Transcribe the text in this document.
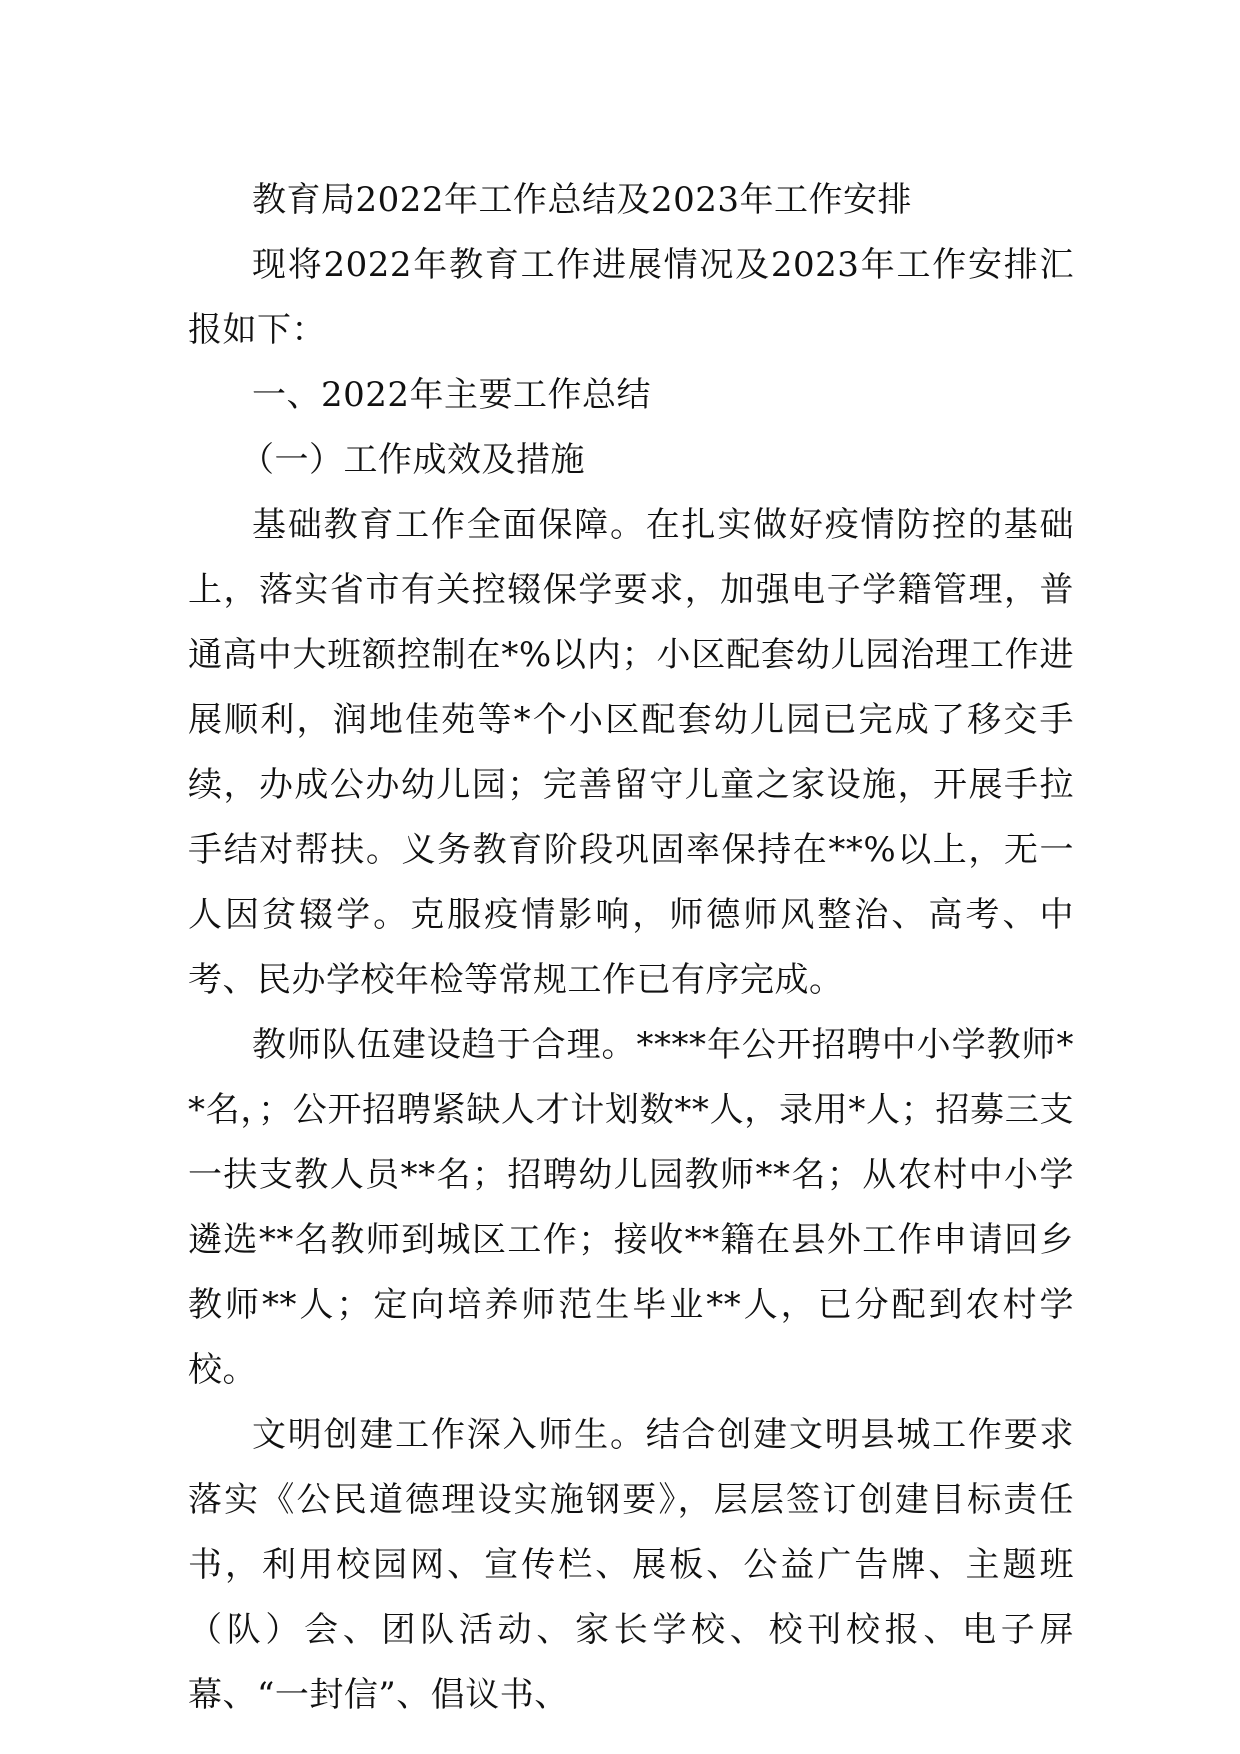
教育局2022年工作总结及2023年工作安排

现将2022年教育工作进展情况及2023年工作安排汇报如下：

一、2022年主要工作总结

（一）工作成效及措施

基础教育工作全面保障。在扎实做好疫情防控的基础上，落实省市有关控辍保学要求，加强电子学籍管理，普通高中大班额控制在*%以内；小区配套幼儿园治理工作进展顺利，润地佳苑等*个小区配套幼儿园已完成了移交手续，办成公办幼儿园；完善留守儿童之家设施，开展手拉手结对帮扶。义务教育阶段巩固率保持在**%以上，无一人因贫辍学。克服疫情影响，师德师风整治、高考、中考、民办学校年检等常规工作已有序完成。

教师队伍建设趋于合理。****年公开招聘中小学教师**名，；公开招聘紧缺人才计划数**人，录用*人；招募三支一扶支教人员**名；招聘幼儿园教师**名；从农村中小学遴选**名教师到城区工作；接收**籍在县外工作申请回乡教师**人；定向培养师范生毕业**人，已分配到农村学校。

文明创建工作深入师生。结合创建文明县城工作要求落实《公民道德理设实施钢要》，层层签订创建目标责任书，利用校园网、宣传栏、展板、公益广告牌、主题班（队）会、团队活动、家长学校、校刊校报、电子屏幕、“一封信”、倡议书、
